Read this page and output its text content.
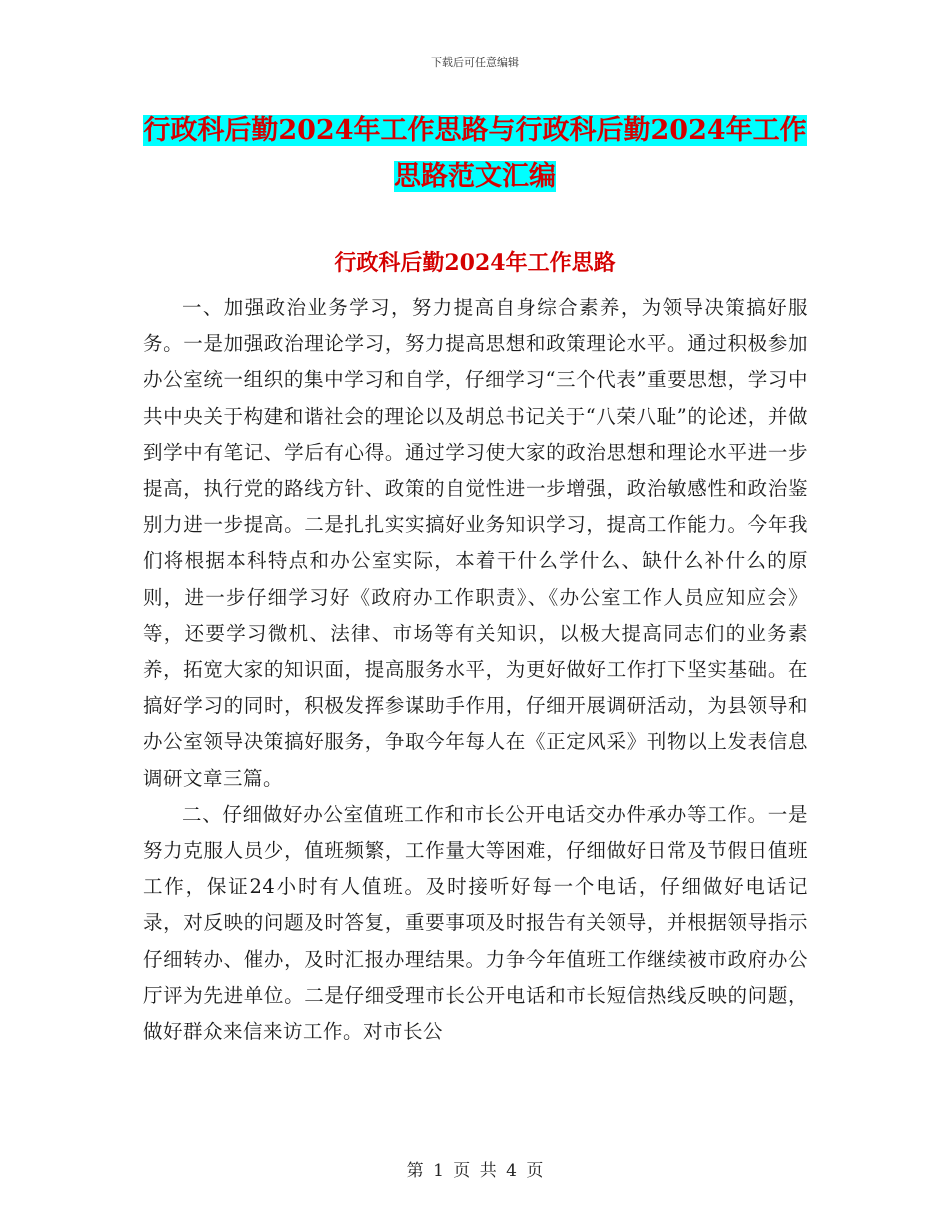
下载后可任意编辑
行政科后勤2024年工作思路与行政科后勤2024年工作思路范文汇编
行政科后勤2024年工作思路

一、加强政治业务学习，努力提高自身综合素养，为领导决策搞好服务。一是加强政治理论学习，努力提高思想和政策理论水平。通过积极参加办公室统一组织的集中学习和自学，仔细学习“三个代表”重要思想，学习中共中央关于构建和谐社会的理论以及胡总书记关于“八荣八耻”的论述，并做到学中有笔记、学后有心得。通过学习使大家的政治思想和理论水平进一步提高，执行党的路线方针、政策的自觉性进一步增强，政治敏感性和政治鉴别力进一步提高。二是扎扎实实搞好业务知识学习，提高工作能力。今年我们将根据本科特点和办公室实际，本着干什么学什么、缺什么补什么的原则，进一步仔细学习好《政府办工作职责》、《办公室工作人员应知应会》等，还要学习微机、法律、市场等有关知识，以极大提高同志们的业务素养，拓宽大家的知识面，提高服务水平，为更好做好工作打下坚实基础。在搞好学习的同时，积极发挥参谋助手作用，仔细开展调研活动，为县领导和办公室领导决策搞好服务，争取今年每人在《正定风采》刊物以上发表信息调研文章三篇。

二、仔细做好办公室值班工作和市长公开电话交办件承办等工作。一是努力克服人员少，值班频繁，工作量大等困难，仔细做好日常及节假日值班工作，保证24小时有人值班。及时接听好每一个电话，仔细做好电话记录，对反映的问题及时答复，重要事项及时报告有关领导，并根据领导指示仔细转办、催办，及时汇报办理结果。力争今年值班工作继续被市政府办公厅评为先进单位。二是仔细受理市长公开电话和市长短信热线反映的问题，做好群众来信来访工作。对市长公

第 1 页 共 4 页
